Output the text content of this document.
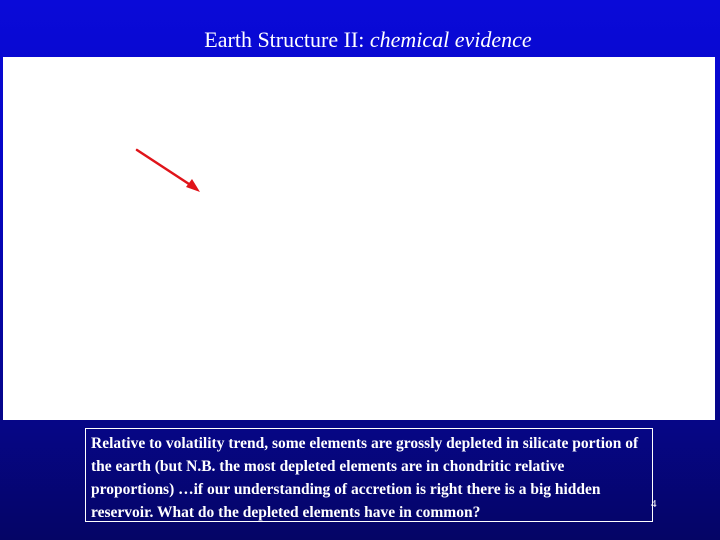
Earth Structure II: chemical evidence
Relative to volatility trend, some elements are grossly depleted in silicate portion of the earth (but N.B. the most depleted elements are in chondritic relative proportions) …if our understanding of accretion is right there is a big hidden reservoir. What do the depleted elements have in common?	4
